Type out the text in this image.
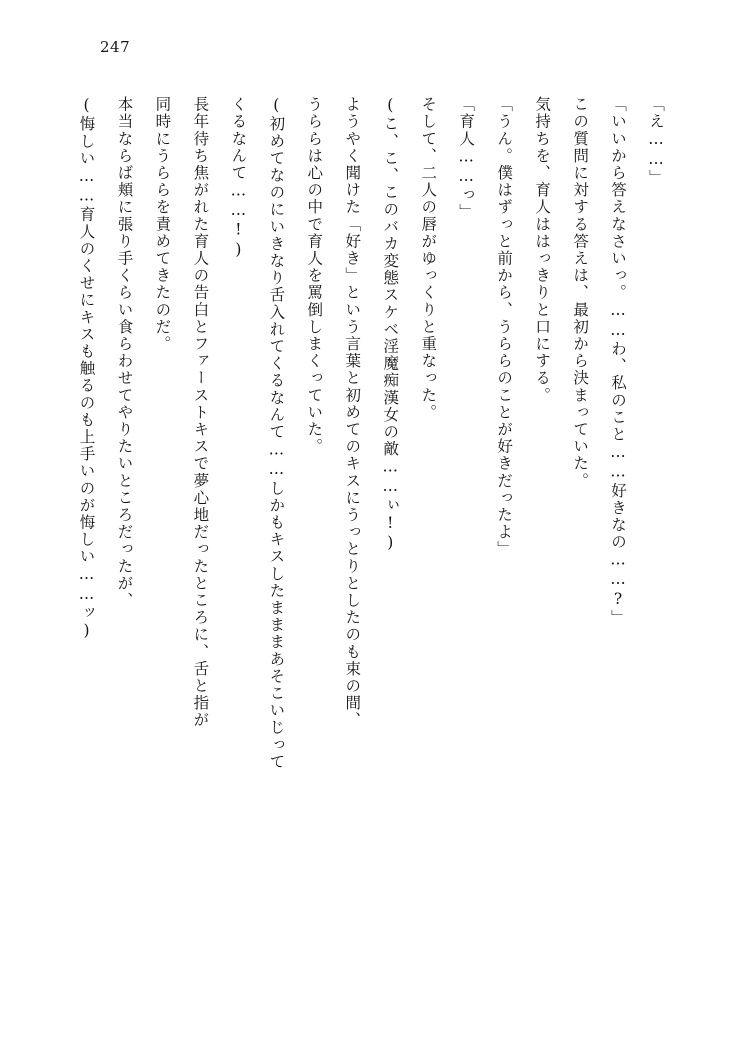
247
「え……」
「いいから答えなさいっ。……わ、私のこと……好きなの……?」
この質問に対する答えは、最初から決まっていた。
気持ちを、育人ははっきりと口にする。
「うん。僕はずっと前から、うららのことが好きだったよ」
「育人……っ」
そして、二人の唇がゆっくりと重なった。
(こ、こ、このバカ変態スケベ淫魔痴漢女の敵……ぃ!)
ようやく聞けた「好き」という言葉と初めてのキスにうっとりとしたのも束の間、
うららは心の中で育人を罵倒しまくっていた。
(初めてなのにいきなり舌入れてくるなんて……しかもキスしたまままあそこいじって
くるなんて……!)
長年待ち焦がれた育人の告白とファーストキスで夢心地だったところに、舌と指が
同時にうららを責めてきたのだ。
本当ならば頬に張り手くらい食らわせてやりたいところだったが、
(悔しい……育人のくせにキスも触るのも上手いのが悔しい……ッ)
